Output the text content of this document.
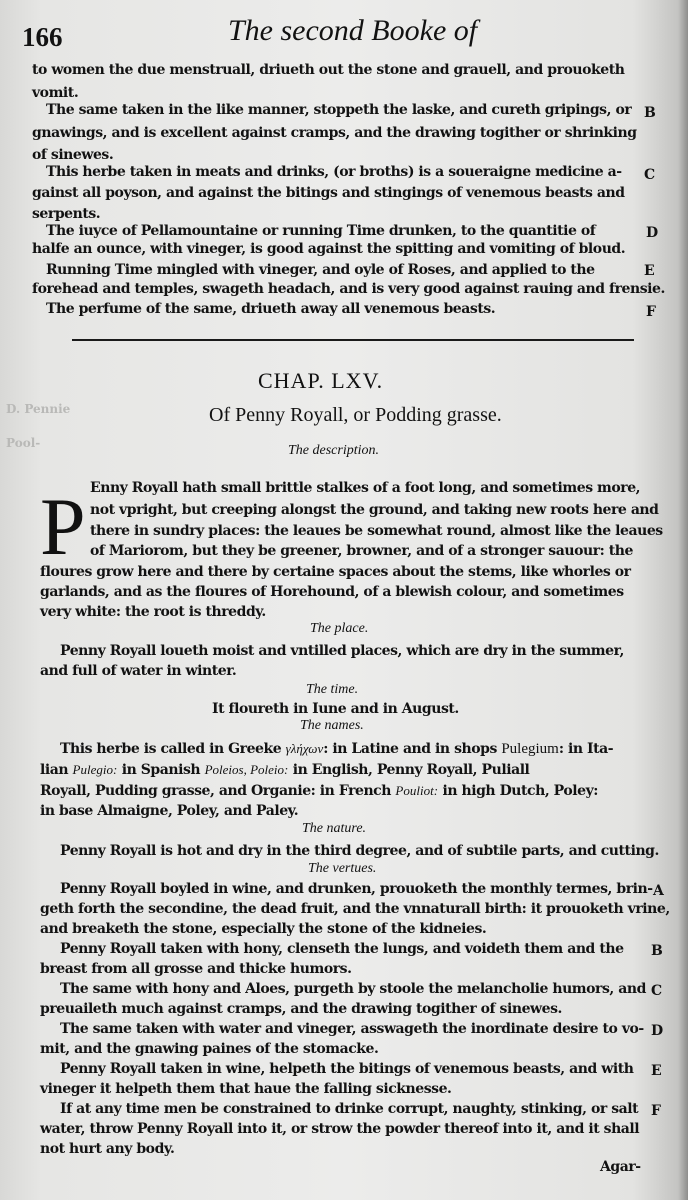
166	The second Booke of
to women the due menstruall, driueth out the stone and grauell, and prouoketh
vomit.
The same taken in the like manner, stoppeth the laske, and cureth gripings, or
gnawings, and is excellent against cramps, and the drawing togither or shrinking
of sinewes.
This herbe taken in meats and drinks, (or broths) is a soueraigne medicine a-
gainst all poyson, and against the bitings and stingings of venemous beasts and
serpents.
The iuyce of Pellamountaine or running Time drunken, to the quantitie of
halfe an ounce, with vineger, is good against the spitting and vomiting of bloud.
Running Time mingled with vineger, and oyle of Roses, and applied to the
forehead and temples, swageth headach, and is very good against rauing and frensie.
The perfume of the same, driueth away all venemous beasts.
B
C
D
E
F
D. Pennie
Pool-
CHAP. LXV.
Of Penny Royall, or Podding grasse.
The description.
P Enny Royall hath small brittle stalkes of a foot long, and sometimes more,
not vpright, but creeping alongst the ground, and taking new roots here and
there in sundry places: the leaues be somewhat round, almost like the leaues
of Mariorom, but they be greener, browner, and of a stronger sauour: the
floures grow here and there by certaine spaces about the stems, like whorles or
garlands, and as the floures of Horehound, of a blewish colour, and sometimes
very white: the root is threddy.
The place.
Penny Royall loueth moist and vntilled places, which are dry in the summer,
and full of water in winter.
The time.
It floureth in Iune and in August.
The names.
This herbe is called in Greeke γλήχων: in Latine and in shops Pulegium: in Ita-
lian Pulegio: in Spanish Poleios, Poleio: in English, Penny Royall, Puliall
Royall, Pudding grasse, and Organie: in French Pouliot: in high Dutch, Poley:
in base Almaigne, Poley, and Paley.
The nature.
Penny Royall is hot and dry in the third degree, and of subtile parts, and cutting.
The vertues.
Penny Royall boyled in wine, and drunken, prouoketh the monthly termes, brin-
geth forth the secondine, the dead fruit, and the vnnaturall birth: it prouoketh vrine,
and breaketh the stone, especially the stone of the kidneies.
Penny Royall taken with hony, clenseth the lungs, and voideth them and the
breast from all grosse and thicke humors.
The same with hony and Aloes, purgeth by stoole the melancholie humors, and
preuaileth much against cramps, and the drawing togither of sinewes.
The same taken with water and vineger, asswageth the inordinate desire to vo-
mit, and the gnawing paines of the stomacke.
Penny Royall taken in wine, helpeth the bitings of venemous beasts, and with
vineger it helpeth them that haue the falling sicknesse.
If at any time men be constrained to drinke corrupt, naughty, stinking, or salt
water, throw Penny Royall into it, or strow the powder thereof into it, and it shall
not hurt any body.
A
B
C
D
E
F
Agar-
